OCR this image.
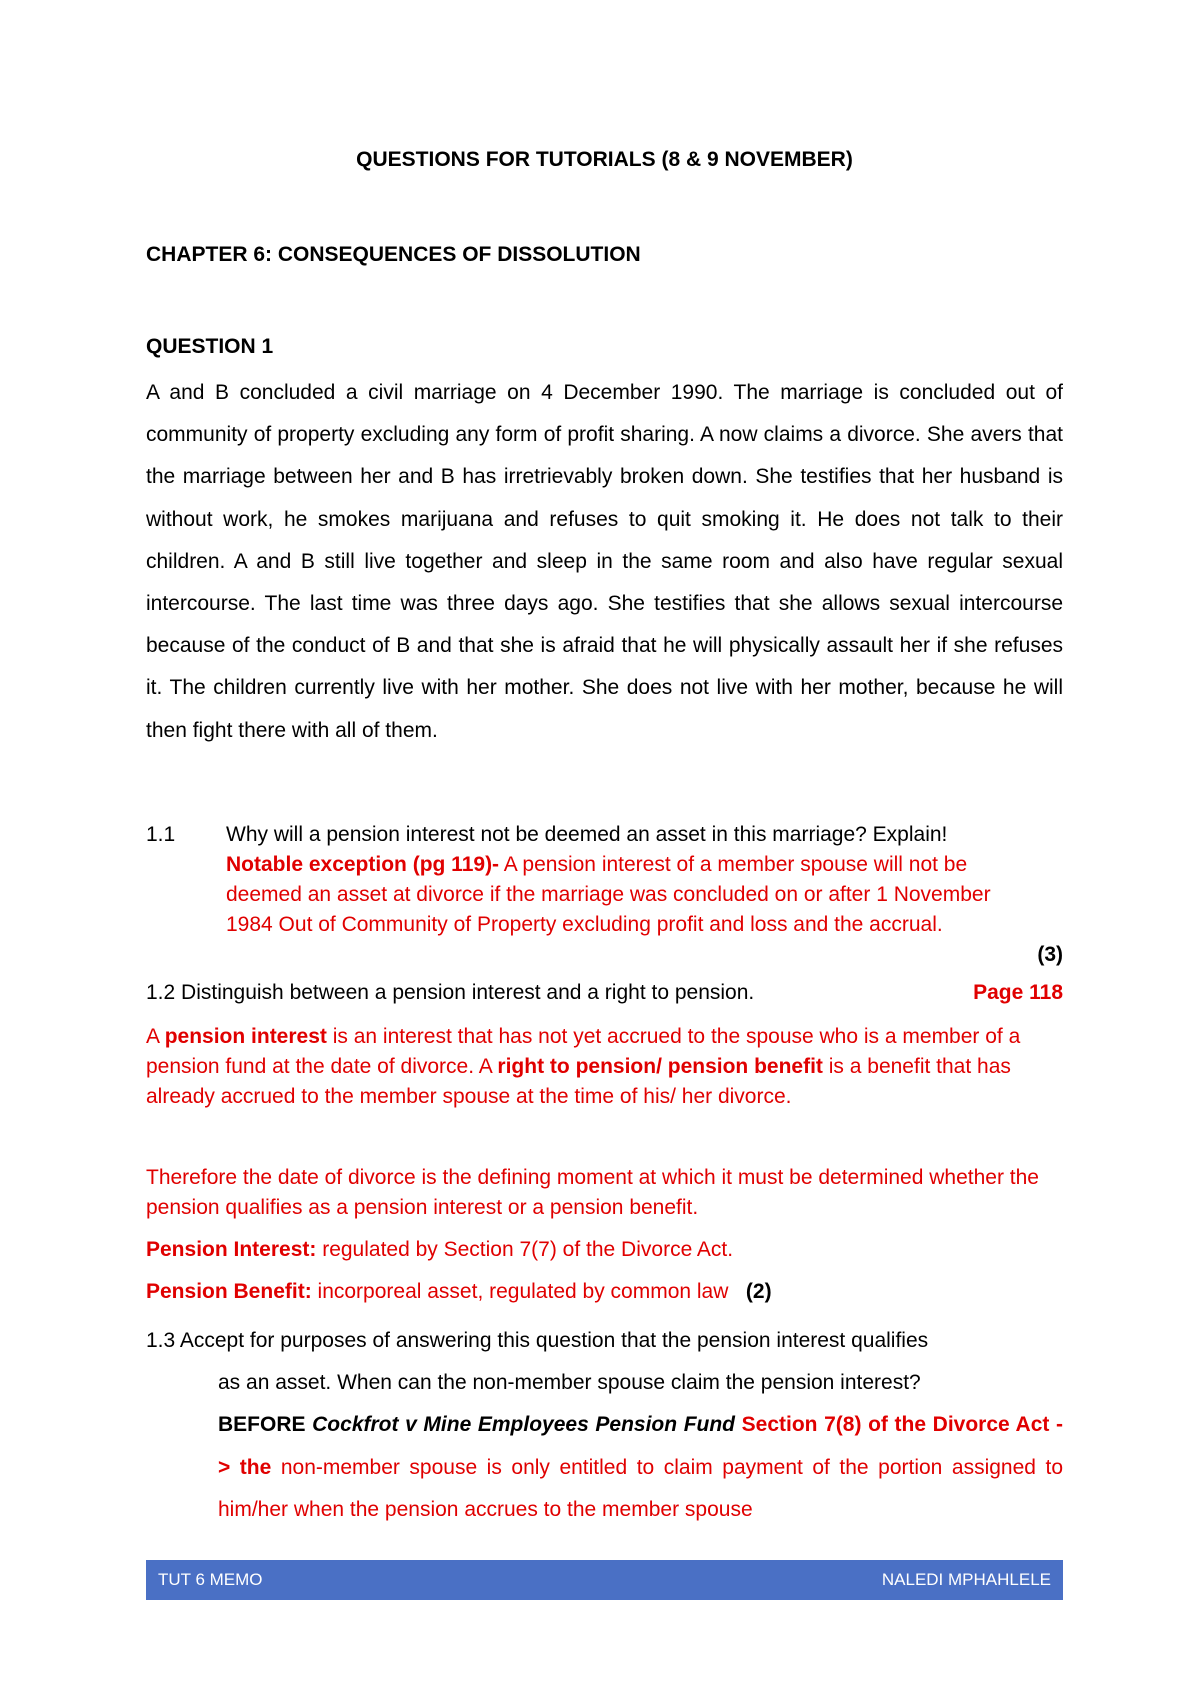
QUESTIONS FOR TUTORIALS (8 & 9 NOVEMBER)
CHAPTER 6: CONSEQUENCES OF DISSOLUTION
QUESTION 1
A and B concluded a civil marriage on 4 December 1990. The marriage is concluded out of community of property excluding any form of profit sharing. A now claims a divorce. She avers that the marriage between her and B has irretrievably broken down. She testifies that her husband is without work, he smokes marijuana and refuses to quit smoking it. He does not talk to their children. A and B still live together and sleep in the same room and also have regular sexual intercourse. The last time was three days ago. She testifies that she allows sexual intercourse because of the conduct of B and that she is afraid that he will physically assault her if she refuses it. The children currently live with her mother. She does not live with her mother, because he will then fight there with all of them.
1.1 Why will a pension interest not be deemed an asset in this marriage? Explain!
Notable exception (pg 119)- A pension interest of a member spouse will not be deemed an asset at divorce if the marriage was concluded on or after 1 November 1984 Out of Community of Property excluding profit and loss and the accrual.
(3)
1.2 Distinguish between a pension interest and a right to pension.	Page 118
A pension interest is an interest that has not yet accrued to the spouse who is a member of a pension fund at the date of divorce. A right to pension/ pension benefit is a benefit that has already accrued to the member spouse at the time of his/ her divorce.
Therefore the date of divorce is the defining moment at which it must be determined whether the pension qualifies as a pension interest or a pension benefit.
Pension Interest: regulated by Section 7(7) of the Divorce Act.
Pension Benefit: incorporeal asset, regulated by common law (2)
1.3 Accept for purposes of answering this question that the pension interest qualifies
as an asset. When can the non-member spouse claim the pension interest?
BEFORE Cockfrot v Mine Employees Pension Fund Section 7(8) of the Divorce Act -> the non-member spouse is only entitled to claim payment of the portion assigned to him/her when the pension accrues to the member spouse
TUT 6 MEMO	NALEDI MPHAHLELE
